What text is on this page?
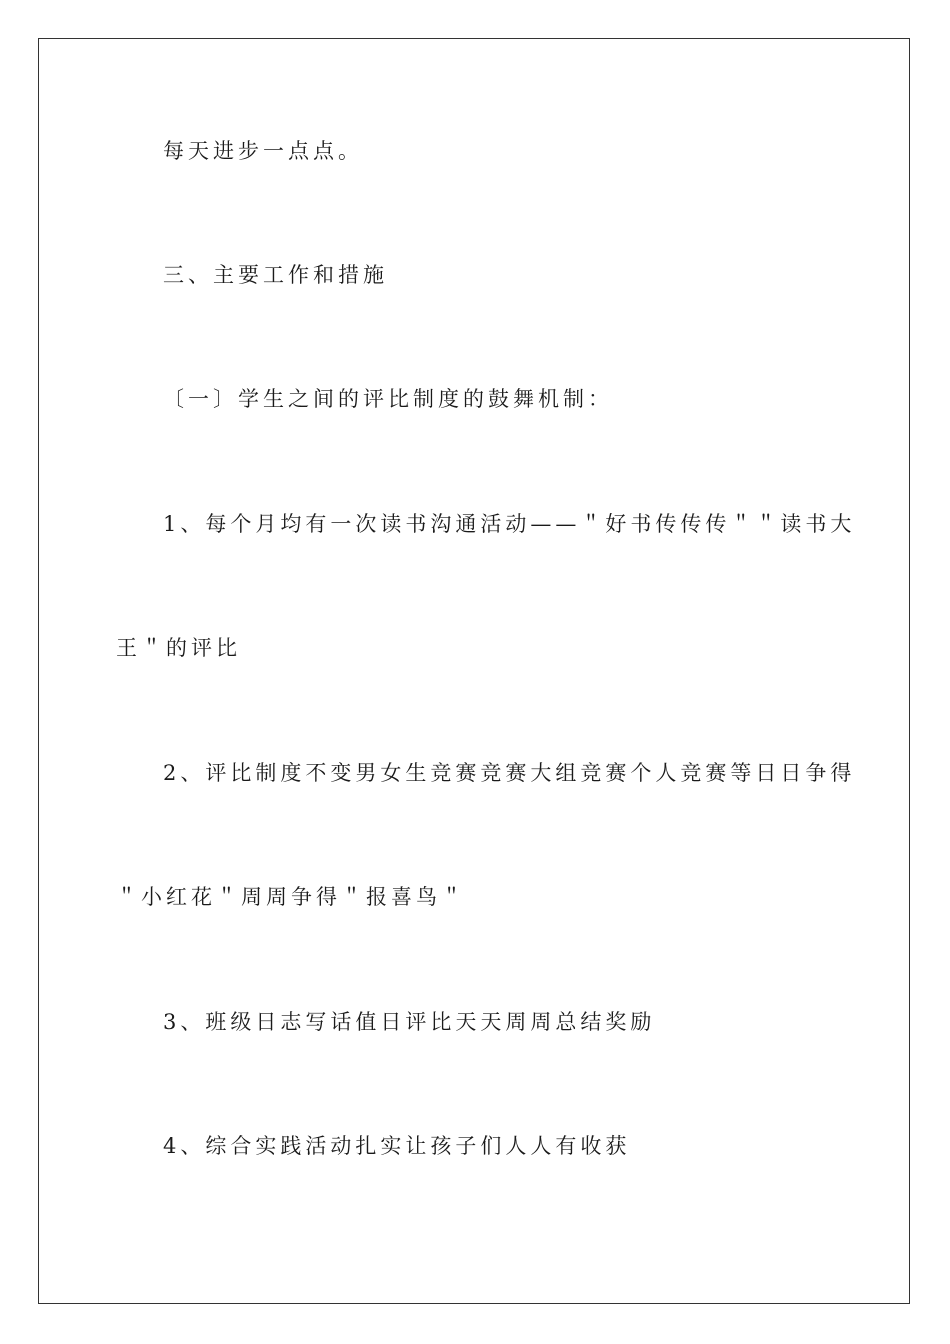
每天进步一点点。
三、主要工作和措施
〔一〕学生之间的评比制度的鼓舞机制：
1、每个月均有一次读书沟通活动——＂好书传传传＂＂读书大
王＂的评比
2、评比制度不变男女生竞赛竞赛大组竞赛个人竞赛等日日争得
＂小红花＂周周争得＂报喜鸟＂
3、班级日志写话值日评比天天周周总结奖励
4、综合实践活动扎实让孩子们人人有收获
